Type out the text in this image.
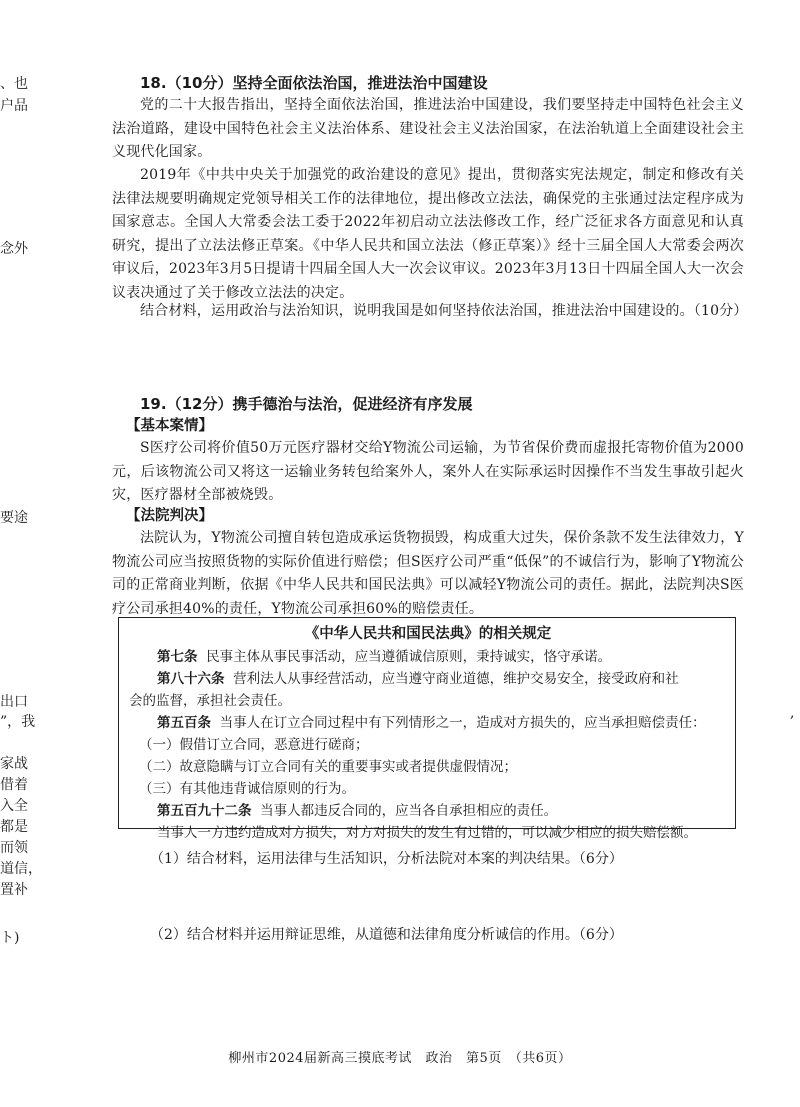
、也
户品
念外
要途
出口
”，我
家战
借着
入全
都是
而领
道信，
置补
ト)
18.（10分）坚持全面依法治国，推进法治中国建设
党的二十大报告指出，坚持全面依法治国，推进法治中国建设，我们要坚持走中国特色社会主义法治道路，建设中国特色社会主义法治体系、建设社会主义法治国家，在法治轨道上全面建设社会主义现代化国家。
2019年《中共中央关于加强党的政治建设的意见》提出，贯彻落实宪法规定，制定和修改有关法律法规要明确规定党领导相关工作的法律地位，提出修改立法法，确保党的主张通过法定程序成为国家意志。全国人大常委会法工委于2022年初启动立法法修改工作，经广泛征求各方面意见和认真研究，提出了立法法修正草案。《中华人民共和国立法法（修正草案）》经十三届全国人大常委会两次审议后，2023年3月5日提请十四届全国人大一次会议审议。2023年3月13日十四届全国人大一次会议表决通过了关于修改立法法的决定。
结合材料，运用政治与法治知识，说明我国是如何坚持依法治国，推进法治中国建设的。（10分）
19.（12分）携手德治与法治，促进经济有序发展
【基本案情】
S医疗公司将价值50万元医疗器材交给Y物流公司运输，为节省保价费而虚报托寄物价值为2000元，后该物流公司又将这一运输业务转包给案外人，案外人在实际承运时因操作不当发生事故引起火灾，医疗器材全部被烧毁。
【法院判决】
法院认为，Y物流公司擅自转包造成承运货物损毁，构成重大过失，保价条款不发生法律效力，Y物流公司应当按照货物的实际价值进行赔偿；但S医疗公司严重“低保”的不诚信行为，影响了Y物流公司的正常商业判断，依据《中华人民共和国民法典》可以减轻Y物流公司的责任。据此，法院判决S医疗公司承担40%的责任，Y物流公司承担60%的赔偿责任。
《中华人民共和国民法典》的相关规定
第七条 民事主体从事民事活动，应当遵循诚信原则，秉持诚实，恪守承诺。
第八十六条 营利法人从事经营活动，应当遵守商业道德，维护交易安全，接受政府和社
会的监督，承担社会责任。
第五百条 当事人在订立合同过程中有下列情形之一，造成对方损失的，应当承担赔偿责任：
（一）假借订立合同，恶意进行磋商；
（二）故意隐瞒与订立合同有关的重要事实或者提供虚假情况；
（三）有其他违背诚信原则的行为。
第五百九十二条 当事人都违反合同的，应当各自承担相应的责任。
当事人一方违约造成对方损失，对方对损失的发生有过错的，可以减少相应的损失赔偿额。
,
（1）结合材料，运用法律与生活知识，分析法院对本案的判决结果。（6分）
（2）结合材料并运用辩证思维，从道德和法律角度分析诚信的作用。（6分）
柳州市2024届新高三摸底考试　政治　第5页　（共6页）
